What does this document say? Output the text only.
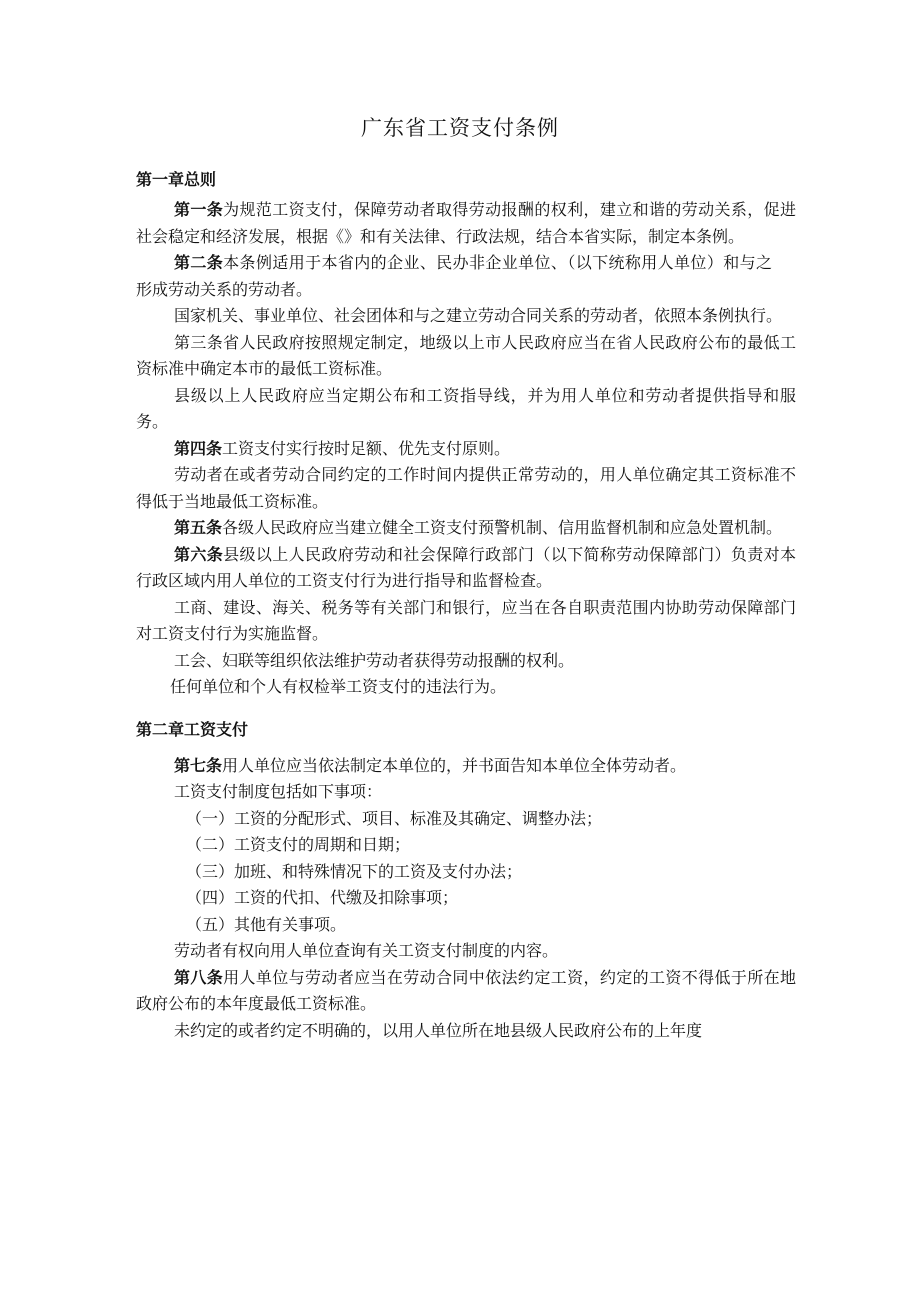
广东省工资支付条例
第一章总则

第一条为规范工资支付，保障劳动者取得劳动报酬的权利，建立和谐的劳动关系，促进社会稳定和经济发展，根据《》和有关法律、行政法规，结合本省实际，制定本条例。

第二条本条例适用于本省内的企业、民办非企业单位、（以下统称用人单位）和与之形成劳动关系的劳动者。

国家机关、事业单位、社会团体和与之建立劳动合同关系的劳动者，依照本条例执行。

第三条省人民政府按照规定制定，地级以上市人民政府应当在省人民政府公布的最低工资标准中确定本市的最低工资标准。

县级以上人民政府应当定期公布和工资指导线，并为用人单位和劳动者提供指导和服务。

第四条工资支付实行按时足额、优先支付原则。

劳动者在或者劳动合同约定的工作时间内提供正常劳动的，用人单位确定其工资标准不得低于当地最低工资标准。

第五条各级人民政府应当建立健全工资支付预警机制、信用监督机制和应急处置机制。

第六条县级以上人民政府劳动和社会保障行政部门（以下简称劳动保障部门）负责对本行政区域内用人单位的工资支付行为进行指导和监督检查。

工商、建设、海关、税务等有关部门和银行，应当在各自职责范围内协助劳动保障部门对工资支付行为实施监督。

工会、妇联等组织依法维护劳动者获得劳动报酬的权利。

任何单位和个人有权检举工资支付的违法行为。

第二章工资支付

第七条用人单位应当依法制定本单位的，并书面告知本单位全体劳动者。

工资支付制度包括如下事项：

（一）工资的分配形式、项目、标准及其确定、调整办法；

（二）工资支付的周期和日期；

（三）加班、和特殊情况下的工资及支付办法；

（四）工资的代扣、代缴及扣除事项；

（五）其他有关事项。

劳动者有权向用人单位查询有关工资支付制度的内容。

第八条用人单位与劳动者应当在劳动合同中依法约定工资，约定的工资不得低于所在地政府公布的本年度最低工资标准。

未约定的或者约定不明确的，以用人单位所在地县级人民政府公布的上年度
